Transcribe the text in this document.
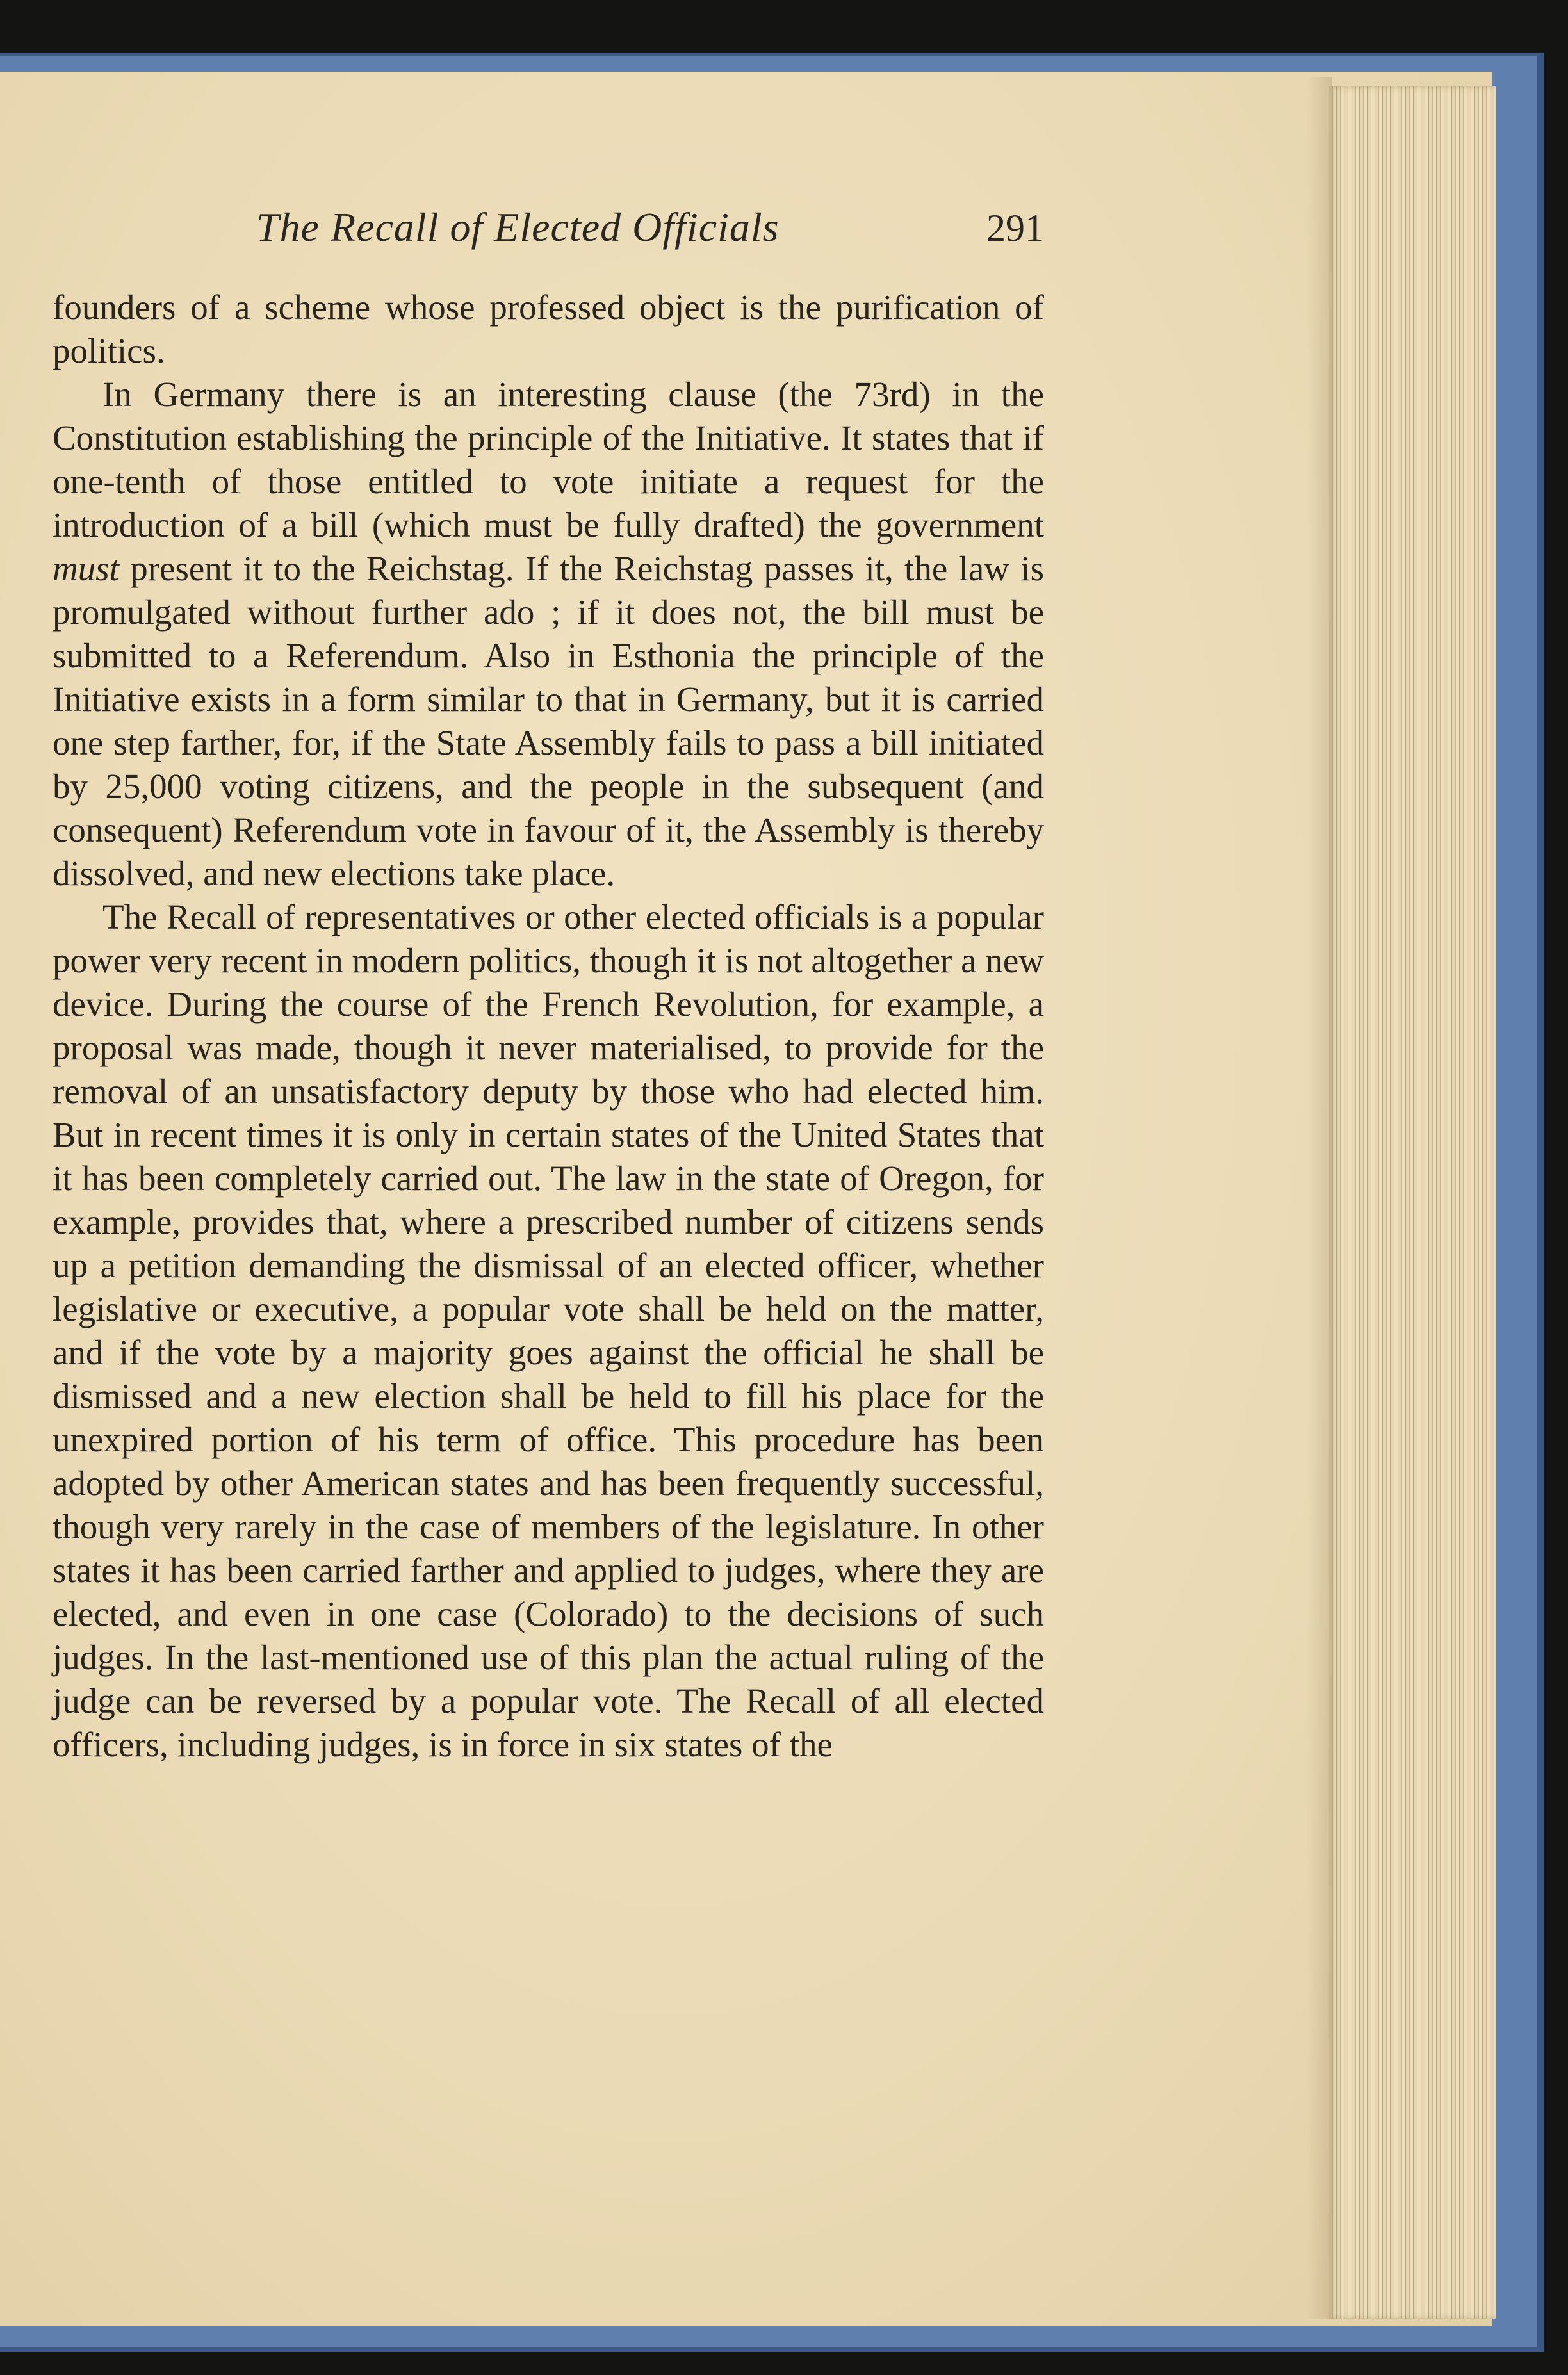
The Recall of Elected Officials	291

founders of a scheme whose professed object is the purification of politics.

In Germany there is an interesting clause (the 73rd) in the Constitution establishing the principle of the Initiative. It states that if one-tenth of those entitled to vote initiate a request for the introduction of a bill (which must be fully drafted) the government must present it to the Reichstag. If the Reichstag passes it, the law is promulgated without further ado ; if it does not, the bill must be submitted to a Referendum. Also in Esthonia the principle of the Initiative exists in a form similar to that in Germany, but it is carried one step farther, for, if the State Assembly fails to pass a bill initiated by 25,000 voting citizens, and the people in the subsequent (and consequent) Referendum vote in favour of it, the Assembly is thereby dissolved, and new elections take place.

The Recall of representatives or other elected officials is a popular power very recent in modern politics, though it is not altogether a new device. During the course of the French Revolution, for example, a proposal was made, though it never materialised, to provide for the removal of an unsatisfactory deputy by those who had elected him. But in recent times it is only in certain states of the United States that it has been completely carried out. The law in the state of Oregon, for example, provides that, where a prescribed number of citizens sends up a petition demanding the dismissal of an elected officer, whether legislative or executive, a popular vote shall be held on the matter, and if the vote by a majority goes against the official he shall be dismissed and a new election shall be held to fill his place for the unexpired portion of his term of office. This procedure has been adopted by other American states and has been frequently successful, though very rarely in the case of members of the legislature. In other states it has been carried farther and applied to judges, where they are elected, and even in one case (Colorado) to the decisions of such judges. In the last-mentioned use of this plan the actual ruling of the judge can be reversed by a popular vote. The Recall of all elected officers, including judges, is in force in six states of the
